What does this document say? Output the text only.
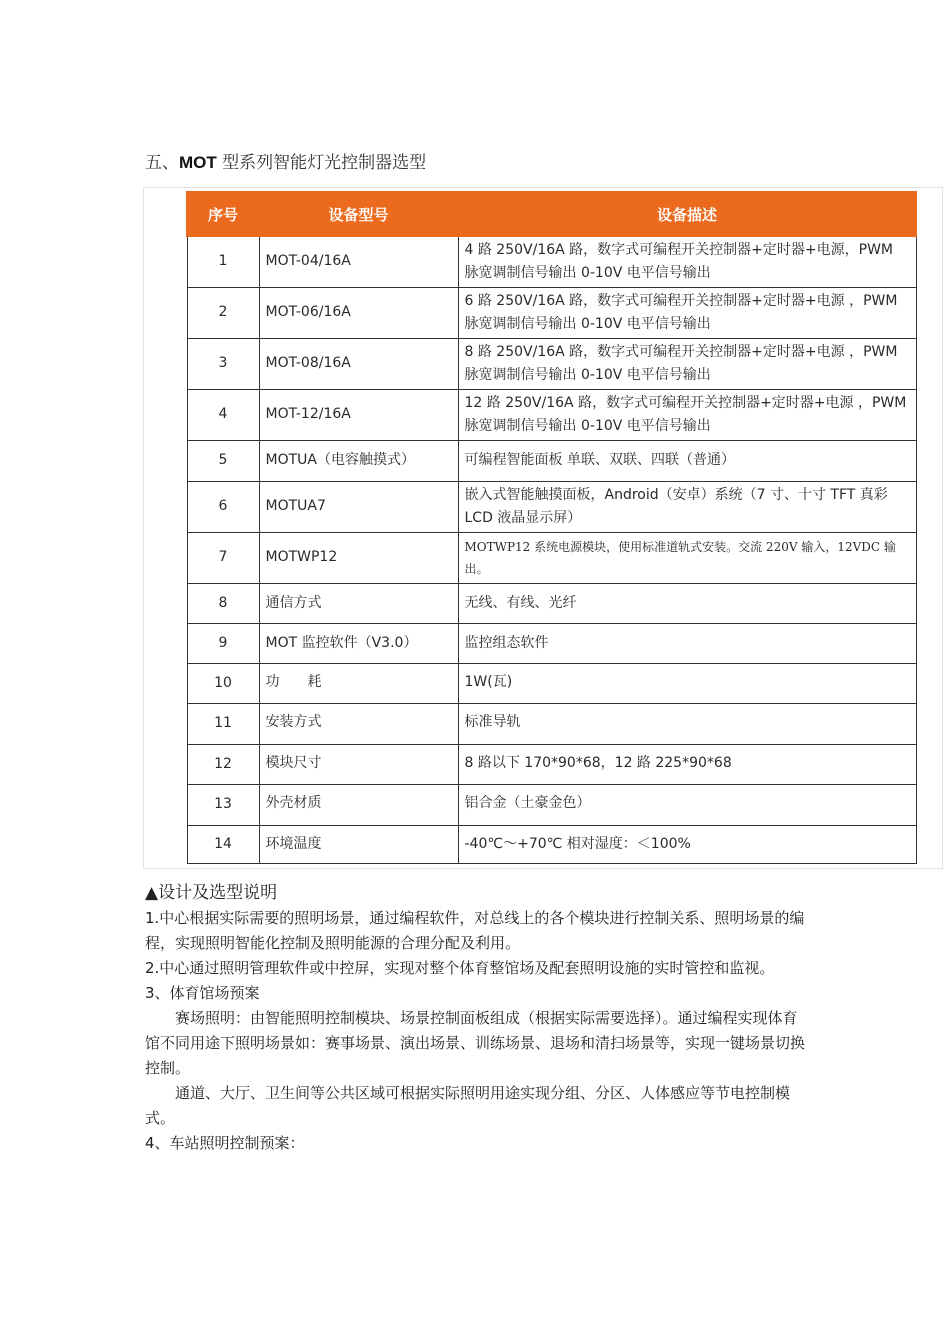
五、MOT 型系列智能灯光控制器选型
序号	设备型号	设备描述
1	MOT-04/16A	4 路 250V/16A 路，数字式可编程开关控制器+定时器+电源，PWM 脉宽调制信号输出 0-10V 电平信号输出
2	MOT-06/16A	6 路 250V/16A 路，数字式可编程开关控制器+定时器+电源 ，PWM 脉宽调制信号输出 0-10V 电平信号输出
3	MOT-08/16A	8 路 250V/16A 路，数字式可编程开关控制器+定时器+电源 ，PWM 脉宽调制信号输出 0-10V 电平信号输出
4	MOT-12/16A	12 路 250V/16A 路，数字式可编程开关控制器+定时器+电源 ，PWM 脉宽调制信号输出 0-10V 电平信号输出
5	MOTUA（电容触摸式）	可编程智能面板 单联、双联、四联（普通）
6	MOTUA7	嵌入式智能触摸面板，Android（安卓）系统（7 寸、十寸 TFT 真彩 LCD 液晶显示屏）
7	MOTWP12	MOTWP12 系统电源模块，使用标准道轨式安装。交流 220V 输入，12VDC 输出。
8	通信方式	无线、有线、光纤
9	MOT 监控软件（V3.0）	监控组态软件
10	功　　耗	1W(瓦)
11	安装方式	标准导轨
12	模块尺寸	8 路以下 170*90*68，12 路 225*90*68
13	外壳材质	铝合金（土豪金色）
14	环境温度	-40℃～+70℃ 相对湿度：＜100%

▲设计及选型说明

1.中心根据实际需要的照明场景，通过编程软件，对总线上的各个模块进行控制关系、照明场景的编程，实现照明智能化控制及照明能源的合理分配及利用。

2.中心通过照明管理软件或中控屏，实现对整个体育整馆场及配套照明设施的实时管控和监视。

3、体育馆场预案

赛场照明：由智能照明控制模块、场景控制面板组成（根据实际需要选择）。通过编程实现体育馆不同用途下照明场景如：赛事场景、演出场景、训练场景、退场和清扫场景等，实现一键场景切换控制。

通道、大厅、卫生间等公共区域可根据实际照明用途实现分组、分区、人体感应等节电控制模式。

4、车站照明控制预案：
